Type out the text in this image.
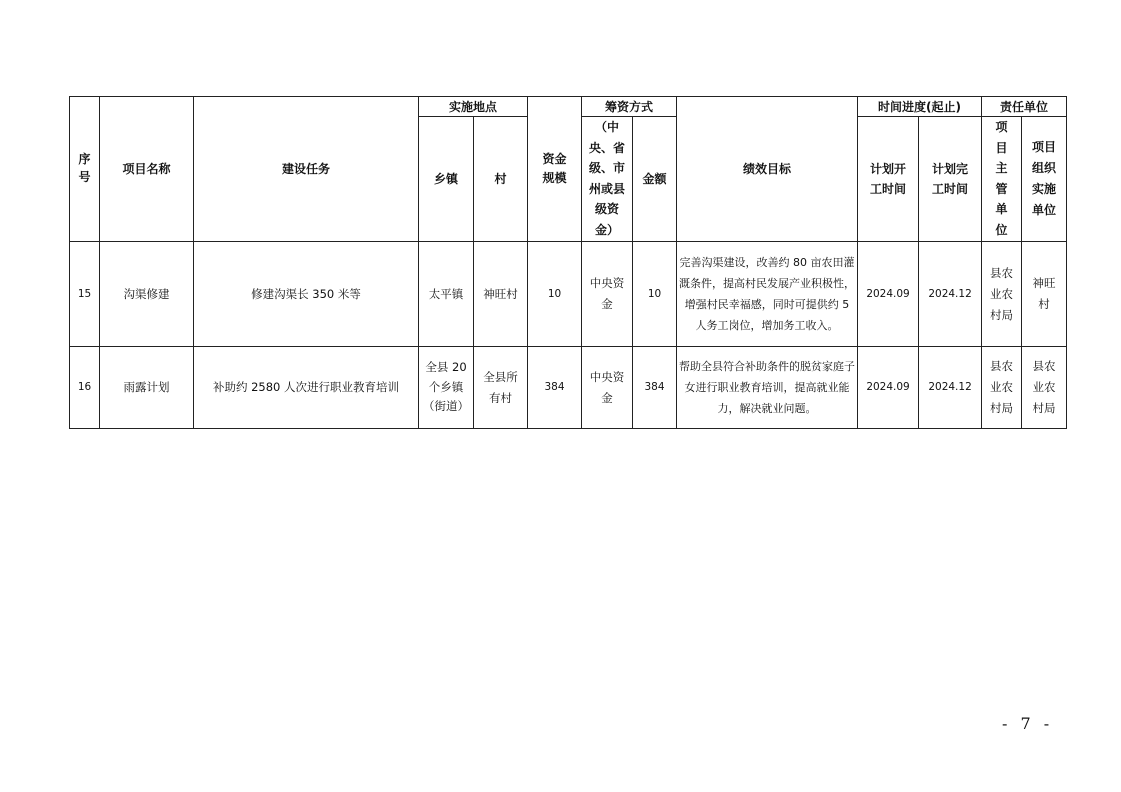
序号	项目名称	建设任务	实施地点		资金规模	筹资方式		绩效目标	时间进度(起止)		责任单位	
			乡镇	村		（中央、省级、市州或县级资金）	金额		计划开工时间	计划完工时间	项目主管单位	项目组织实施单位
15	沟渠修建	修建沟渠长 350 米等	太平镇	神旺村	10	中央资金	10	完善沟渠建设，改善约 80 亩农田灌溉条件，提高村民发展产业积极性，增强村民幸福感，同时可提供约 5 人务工岗位，增加务工收入。	2024.09	2024.12	县农业农村局	神旺村
16	雨露计划	补助约 2580 人次进行职业教育培训	全县 20 个乡镇（街道）	全县所有村	384	中央资金	384	帮助全县符合补助条件的脱贫家庭子女进行职业教育培训，提高就业能力，解决就业问题。	2024.09	2024.12	县农业农村局	县农业农村局
- 7 -
